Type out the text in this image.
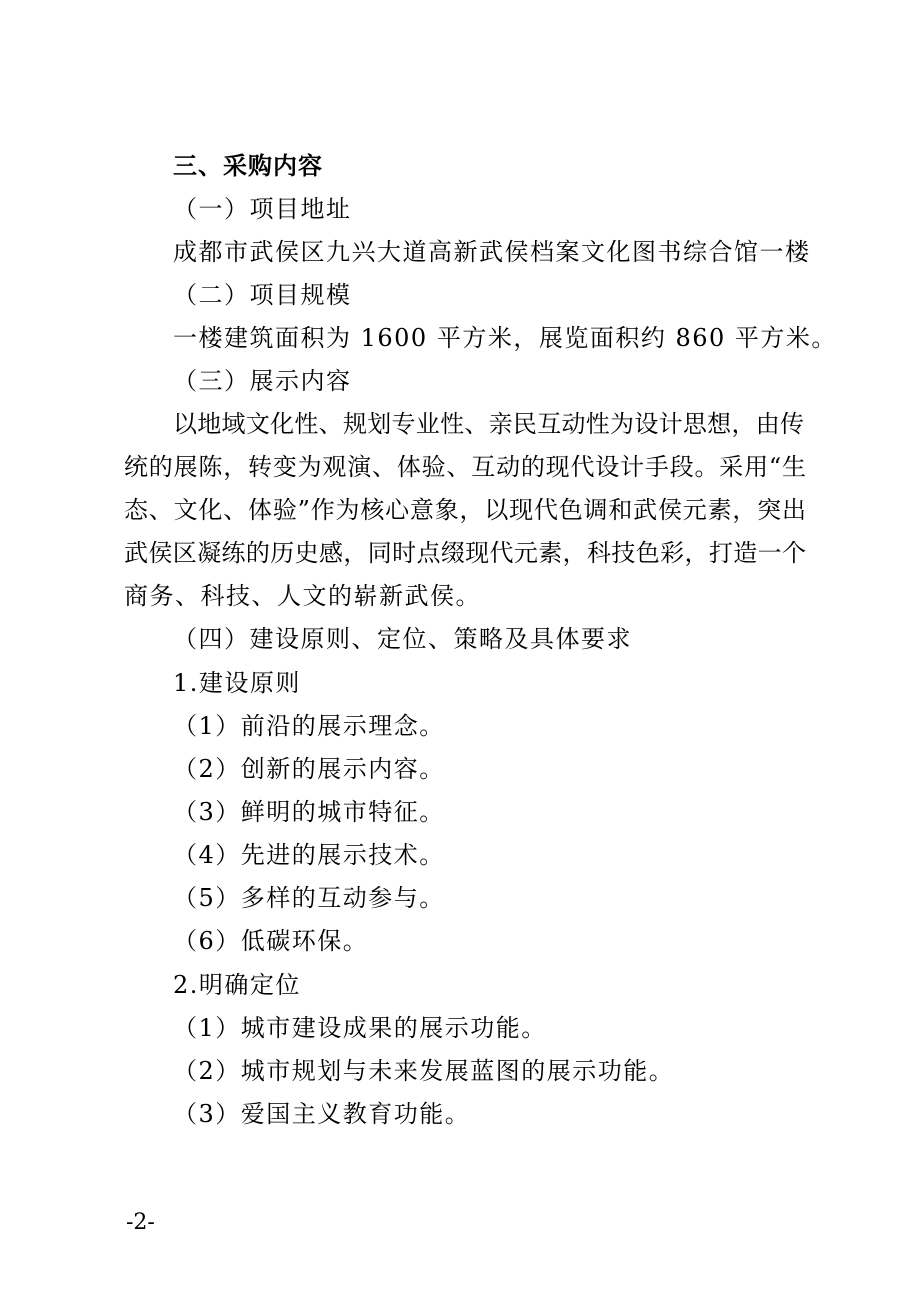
三、采购内容
（一）项目地址
成都市武侯区九兴大道高新武侯档案文化图书综合馆一楼
（二）项目规模
一楼建筑面积为 1600 平方米，展览面积约 860 平方米。
（三）展示内容
以地域文化性、规划专业性、亲民互动性为设计思想，由传
统的展陈，转变为观演、体验、互动的现代设计手段。采用“生
态、文化、体验”作为核心意象，以现代色调和武侯元素，突出
武侯区凝练的历史感，同时点缀现代元素，科技色彩，打造一个
商务、科技、人文的崭新武侯。
（四）建设原则、定位、策略及具体要求
1.建设原则
（1）前沿的展示理念。
（2）创新的展示内容。
（3）鲜明的城市特征。
（4）先进的展示技术。
（5）多样的互动参与。
（6）低碳环保。
2.明确定位
（1）城市建设成果的展示功能。
（2）城市规划与未来发展蓝图的展示功能。
（3）爱国主义教育功能。
-2-
